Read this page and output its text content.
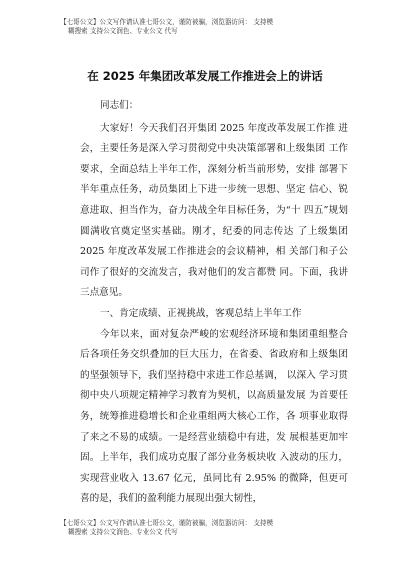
【七哥公文】公文写作请认准七哥公文，谨防被骗，浏览器访问： 支持模
糊搜索 支持公文润色、专业公文 代写
在 2025 年集团改革发展工作推进会上的讲话

同志们：

大家好！今天我们召开集团 2025 年度改革发展工作推 进会，主要任务是深入学习贯彻党中央决策部署和上级集团 工作要求，全面总结上半年工作，深刻分析当前形势，安排 部署下半年重点任务，动员集团上下进一步统一思想、坚定 信心、锐意进取、担当作为，奋力决战全年目标任务，为“十 四五”规划圆满收官奠定坚实基础。刚才，纪委的同志传达 了上级集团 2025 年度改革发展工作推进会的会议精神，相 关部门和子公司作了很好的交流发言，我对他们的发言都赞 同。下面，我讲三点意见。

一、肯定成绩、正视挑战，客观总结上半年工作

今年以来，面对复杂严峻的宏观经济环境和集团重组整合后各项任务交织叠加的巨大压力，在省委、省政府和上级集团的坚强领导下，我们坚持稳中求进工作总基调， 以深入 学习贯彻中央八项规定精神学习教育为契机，以高质量发展 为首要任务，统筹推进稳增长和企业重组两大核心工作，各 项事业取得了来之不易的成绩。一是经营业绩稳中有进，发 展根基更加牢固。上半年，我们成功克服了部分业务板块收 入波动的压力，实现营业收入 13.67 亿元，虽同比有 2.95% 的微降，但更可喜的是，我们的盈利能力展现出强大韧性，

【七哥公文】公文写作请认准七哥公文，谨防被骗，浏览器访问： 支持模
糊搜索 支持公文润色、专业公文 代写
